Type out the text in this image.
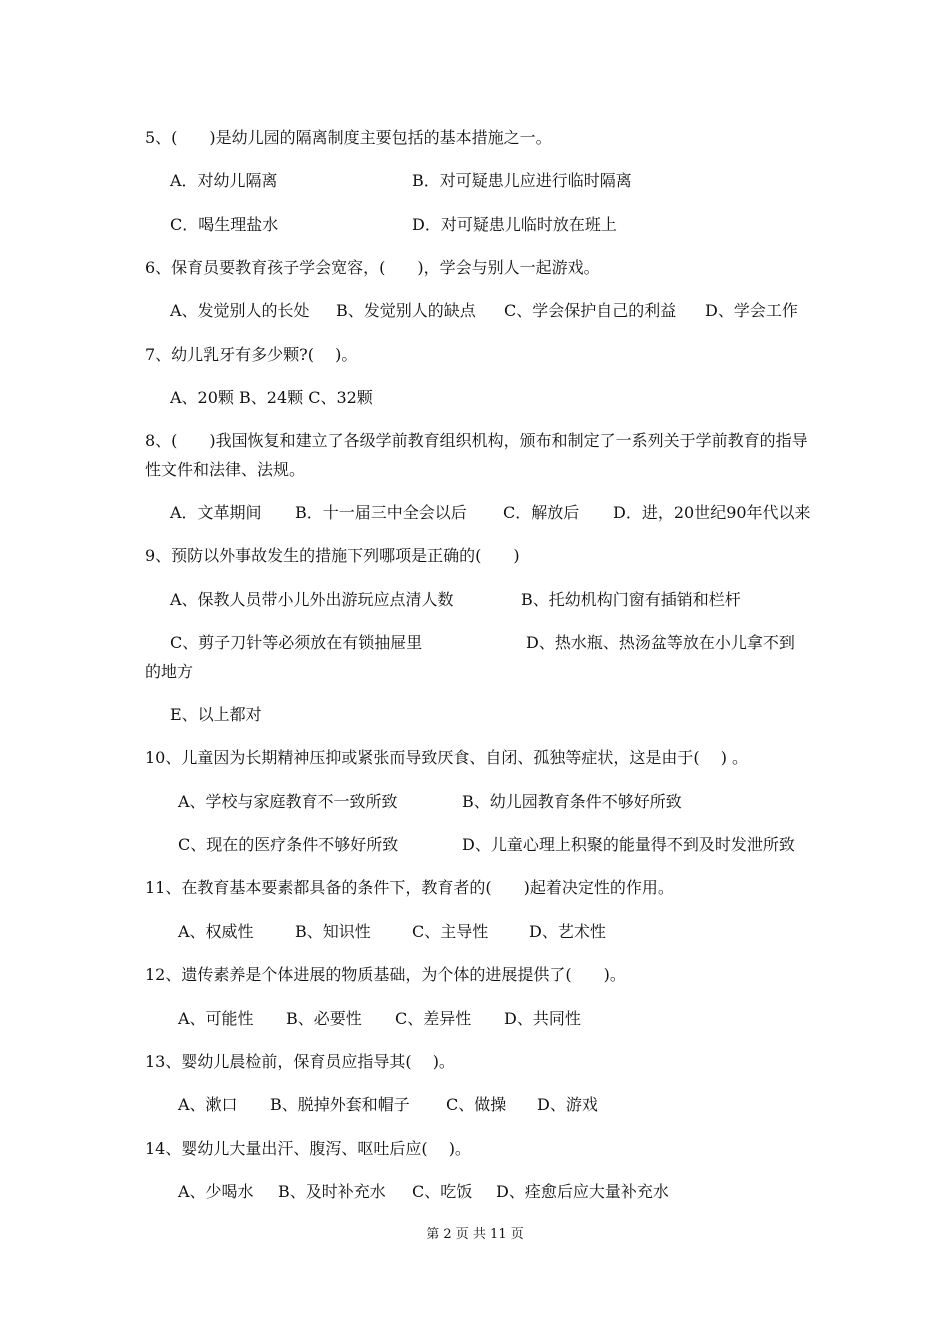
5、(　　)是幼儿园的隔离制度主要包括的基本措施之一。
A．对幼儿隔离	B．对可疑患儿应进行临时隔离
C．喝生理盐水	D．对可疑患儿临时放在班上
6、保育员要教育孩子学会宽容，(　　)，学会与别人一起游戏。
A、发觉别人的长处 B、发觉别人的缺点 C、学会保护自己的利益 D、学会工作
7、幼儿乳牙有多少颗?(　 )。
A、20颗 B、24颗 C、32颗
8、(　　)我国恢复和建立了各级学前教育组织机构，颁布和制定了一系列关于学前教育的指导性文件和法律、法规。
A．文革期间 B．十一届三中全会以后 C．解放后 D．进，20世纪90年代以来
9、预防以外事故发生的措施下列哪项是正确的(　　)
A、保教人员带小儿外出游玩应点清人数	B、托幼机构门窗有插销和栏杆
C、剪子刀针等必须放在有锁抽屉里	D、热水瓶、热汤盆等放在小儿拿不到
的地方
E、以上都对
10、儿童因为长期精神压抑或紧张而导致厌食、自闭、孤独等症状，这是由于(　 ) 。
A、学校与家庭教育不一致所致	B、幼儿园教育条件不够好所致
C、现在的医疗条件不够好所致	D、儿童心理上积聚的能量得不到及时发泄所致
11、在教育基本要素都具备的条件下，教育者的(　　)起着决定性的作用。
A、权威性	B、知识性	C、主导性	D、艺术性
12、遗传素养是个体进展的物质基础，为个体的进展提供了(　　)。
A、可能性 B、必要性 C、差异性 D、共同性
13、婴幼儿晨检前，保育员应指导其(　 )。
A、漱口 B、脱掉外套和帽子 C、做操 D、游戏
14、婴幼儿大量出汗、腹泻、呕吐后应(　 )。
A、少喝水 B、及时补充水 C、吃饭 D、痊愈后应大量补充水
第 2 页 共 11 页
